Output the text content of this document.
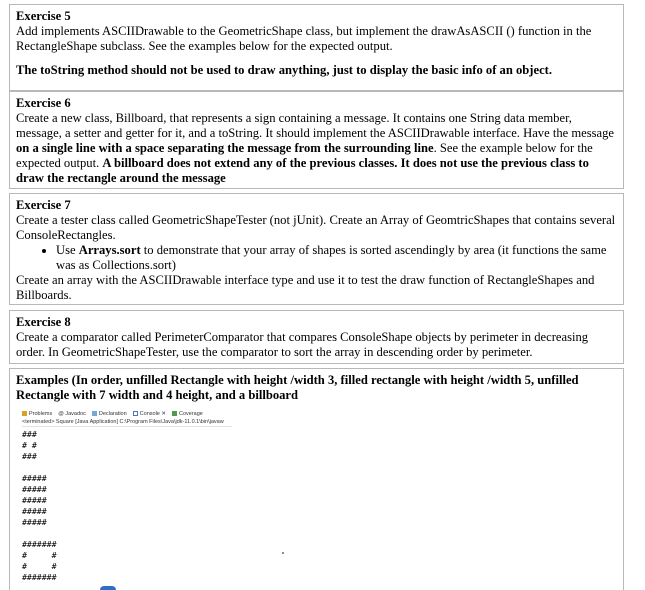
Exercise 5

Add implements ASCIIDrawable to the GeometricShape class, but implement the drawAsASCII () function in the RectangleShape subclass. See the examples below for the expected output.

The toString method should not be used to draw anything, just to display the basic info of an object.

Exercise 6

Create a new class, Billboard, that represents a sign containing a message. It contains one String data member, message, a setter and getter for it, and a toString. It should implement the ASCIIDrawable interface. Have the message on a single line with a space separating the message from the surrounding line. See the example below for the expected output. A billboard does not extend any of the previous classes. It does not use the previous class to draw the rectangle around the message

Exercise 7

Create a tester class called GeometricShapeTester (not jUnit). Create an Array of GeomtricShapes that contains several ConsoleRectangles.

• Use Arrays.sort to demonstrate that your array of shapes is sorted ascendingly by area (it functions the same was as Collections.sort)

Create an array with the ASCIIDrawable interface type and use it to test the draw function of RectangleShapes and Billboards.

Exercise 8

Create a comparator called PerimeterComparator that compares ConsoleShape objects by perimeter in decreasing order. In GeometricShapeTester, use the comparator to sort the array in descending order by perimeter.

Examples (In order, unfilled Rectangle with height /width 3, filled rectangle with height /width 5, unfilled Rectangle with 7 width and 4 height, and a billboard
Problems @ Javadoc Declaration Console ✕ Coverage
<terminated> Square [Java Application] C:\Program Files\Java\jdk-11.0.1\bin\javaw
###
# #
###

#####
#####
#####
#####
#####

#######
#     #
#     #
#######
